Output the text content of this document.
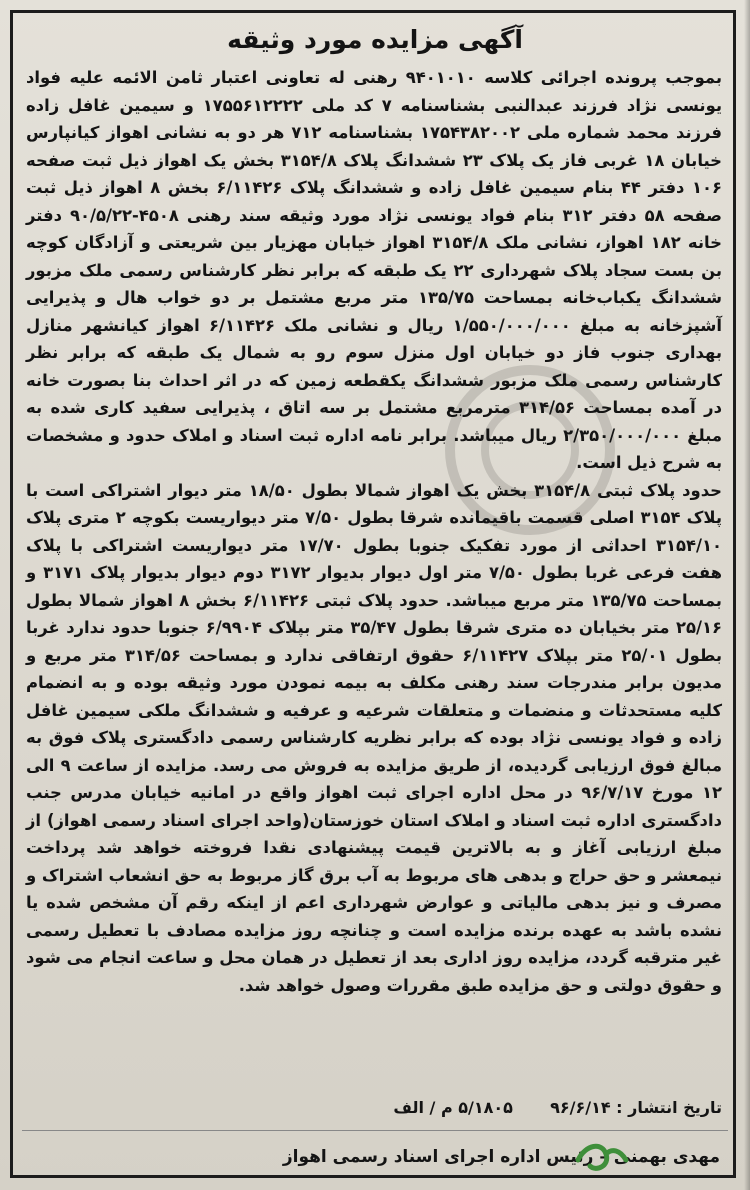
آگهی مزایده مورد وثیقه

بموجب پرونده اجرائی کلاسه ۹۴۰۱۰۱۰ رهنی له تعاونی اعتبار ثامن الائمه علیه فواد یونسی نژاد فرزند عبدالنبی بشناسنامه ۷ کد ملی ۱۷۵۵۶۱۲۲۲۲ و سیمین غافل زاده فرزند محمد شماره ملی ۱۷۵۴۳۸۲۰۰۲ بشناسنامه ۷۱۲ هر دو به نشانی اهواز کیانپارس خیابان ۱۸ غربی فاز یک پلاک ۲۳ ششدانگ پلاک ۳۱۵۴/۸ بخش یک اهواز ذیل ثبت صفحه ۱۰۶ دفتر ۴۴ بنام سیمین غافل زاده و ششدانگ پلاک ۶/۱۱۴۲۶ بخش ۸ اهواز ذیل ثبت صفحه ۵۸ دفتر ۳۱۲ بنام فواد یونسی نژاد مورد وثیقه سند رهنی ۴۵۰۸-۹۰/۵/۲۲ دفتر خانه ۱۸۲ اهواز، نشانی ملک ۳۱۵۴/۸ اهواز خیابان مهزیار بین شریعتی و آزادگان کوچه بن بست سجاد پلاک شهرداری ۲۲ یک طبقه که برابر نظر کارشناس رسمی ملک مزبور ششدانگ یکباب‌خانه بمساحت ۱۳۵/۷۵ متر مربع مشتمل بر دو خواب هال و پذیرایی آشپزخانه به مبلغ ۱/۵۵۰/۰۰۰/۰۰۰ ریال و نشانی ملک ۶/۱۱۴۲۶ اهواز کیانشهر منازل بهداری جنوب فاز دو خیابان اول منزل سوم رو به شمال یک طبقه که برابر نظر کارشناس رسمی ملک مزبور ششدانگ یکقطعه زمین که در اثر احداث بنا بصورت خانه در آمده بمساحت ۳۱۴/۵۶ مترمربع مشتمل بر سه اتاق ، پذیرایی سفید کاری شده به مبلغ ۲/۳۵۰/۰۰۰/۰۰۰ ریال میباشد. برابر نامه اداره ثبت اسناد و املاک حدود و مشخصات به شرح ذیل است.

حدود پلاک ثبتی ۳۱۵۴/۸ بخش یک اهواز شمالا بطول ۱۸/۵۰ متر دیوار اشتراکی است با پلاک ۳۱۵۴ اصلی قسمت باقیمانده شرقا بطول ۷/۵۰ متر دیواریست بکوچه ۲ متری پلاک ۳۱۵۴/۱۰ احداثی از مورد تفکیک جنوبا بطول ۱۷/۷۰ متر دیواریست اشتراکی با پلاک هفت فرعی غربا بطول ۷/۵۰ متر اول دیوار بدیوار ۳۱۷۲ دوم دیوار بدیوار پلاک ۳۱۷۱ و بمساحت ۱۳۵/۷۵ متر مربع میباشد. حدود پلاک ثبتی ۶/۱۱۴۲۶ بخش ۸ اهواز شمالا بطول ۲۵/۱۶ متر بخیابان ده متری شرقا بطول ۳۵/۴۷ متر بپلاک ۶/۹۹۰۴ جنوبا حدود ندارد غربا بطول ۲۵/۰۱ متر بپلاک ۶/۱۱۴۲۷ حقوق ارتفاقی ندارد و بمساحت ۳۱۴/۵۶ متر مربع و مدیون برابر مندرجات سند رهنی مکلف به بیمه نمودن مورد وثیقه بوده و به انضمام کلیه مستحدثات و منضمات و متعلقات شرعیه و عرفیه و ششدانگ ملکی سیمین غافل زاده و فواد یونسی نژاد بوده که برابر نظریه کارشناس رسمی دادگستری پلاک فوق به مبالغ فوق ارزیابی گردیده، از طریق مزایده به فروش می رسد. مزایده از ساعت ۹ الی ۱۲ مورخ ۹۶/۷/۱۷ در محل اداره اجرای ثبت اهواز واقع در امانیه خیابان مدرس جنب دادگستری اداره ثبت اسناد و املاک استان خوزستان(واحد اجرای اسناد رسمی اهواز) از مبلغ ارزیابی آغاز و به بالاترین قیمت پیشنهادی نقدا فروخته خواهد شد پرداخت نیمعشر و حق حراج و بدهی های مربوط به آب برق گاز مربوط به حق انشعاب اشتراک و مصرف و نیز بدهی مالیاتی و عوارض شهرداری اعم از اینکه رقم آن مشخص شده یا نشده باشد به عهده برنده مزایده است و چنانچه روز مزایده مصادف با تعطیل رسمی غیر مترقبه گردد، مزایده روز اداری بعد از تعطیل در همان محل و ساعت انجام می شود و حقوق دولتی و حق مزایده طبق مقررات وصول خواهد شد.

تاریخ انتشار : ۹۶/۶/۱۴  ۵/۱۸۰۵ م / الف
مهدی بهمنی – رئیس اداره اجرای اسناد رسمی اهواز
